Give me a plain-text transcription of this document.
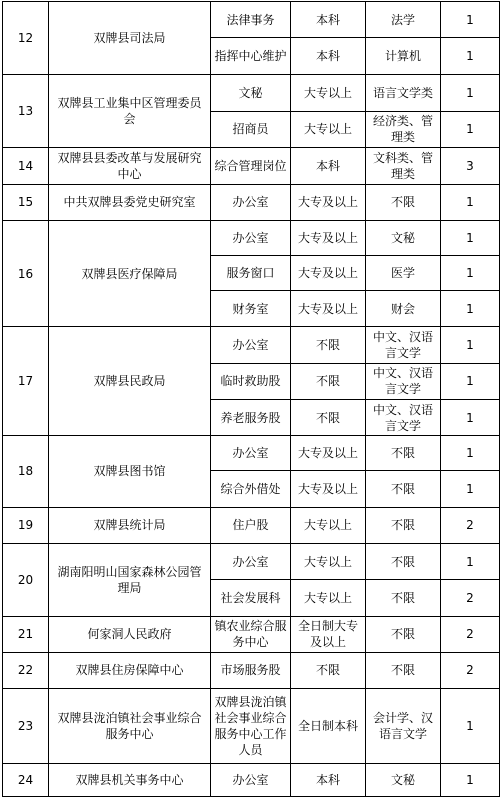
12	双牌县司法局	法律事务	本科	法学	1
		指挥中心维护	本科	计算机	1
13	双牌县工业集中区管理委员会	文秘	大专以上	语言文学类	1
		招商员	大专以上	经济类、管理类	1
14	双牌县县委改革与发展研究中心	综合管理岗位	本科	文科类、管理类	3
15	中共双牌县委党史研究室	办公室	大专及以上	不限	1
16	双牌县医疗保障局	办公室	大专及以上	文秘	1
		服务窗口	大专及以上	医学	1
		财务室	大专及以上	财会	1
17	双牌县民政局	办公室	不限	中文、汉语言文学	1
		临时救助股	不限	中文、汉语言文学	1
		养老服务股	不限	中文、汉语言文学	1
18	双牌县图书馆	办公室	大专及以上	不限	1
		综合外借处	大专及以上	不限	1
19	双牌县统计局	住户股	大专以上	不限	2
20	湖南阳明山国家森林公园管理局	办公室	大专以上	不限	1
		社会发展科	大专以上	不限	2
21	何家洞人民政府	镇农业综合服务中心	全日制大专及以上	不限	2
22	双牌县住房保障中心	市场服务股	不限	不限	2
23	双牌县泷泊镇社会事业综合服务中心	双牌县泷泊镇社会事业综合服务中心工作人员	全日制本科	会计学、汉语言文学	1
24	双牌县机关事务中心	办公室	本科	文秘	1
